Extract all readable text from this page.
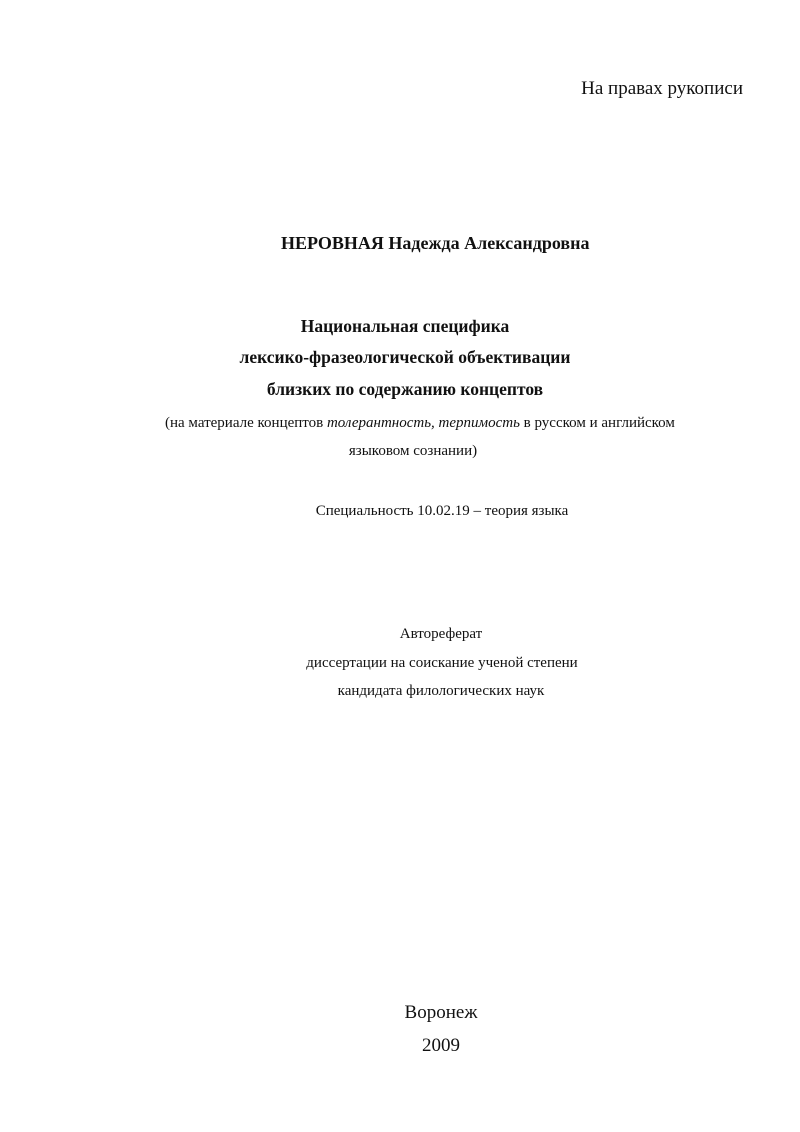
На правах рукописи
НЕРОВНАЯ Надежда Александровна
Национальная специфика
лексико-фразеологической объективации
близких по содержанию концептов
(на материале концептов толерантность, терпимость в русском и английском
языковом сознании)
Специальность 10.02.19 – теория языка
Автореферат
диссертации на соискание ученой степени
кандидата филологических наук
Воронеж
2009
